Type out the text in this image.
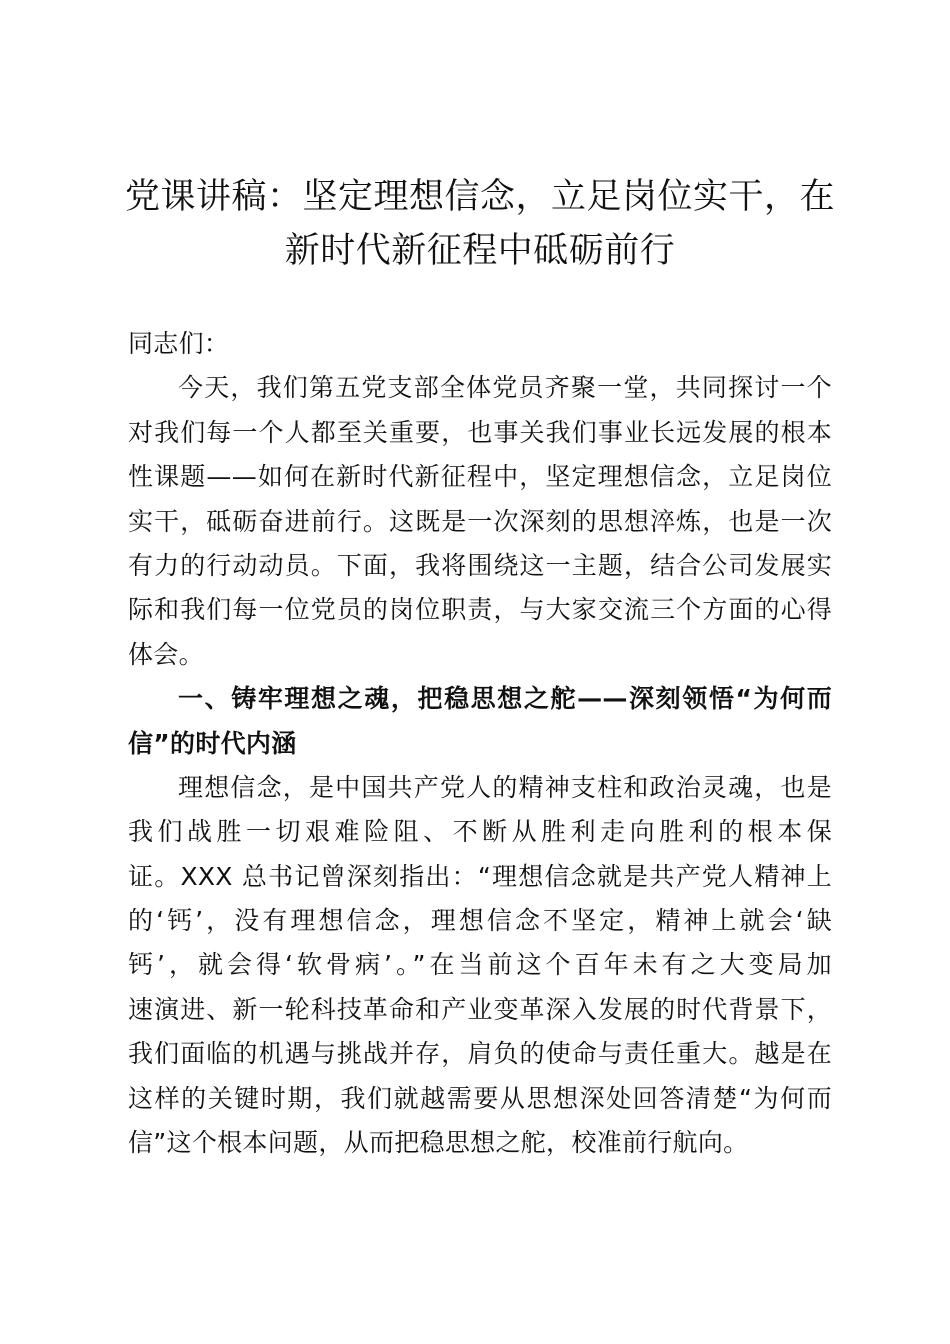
党课讲稿：坚定理想信念，立足岗位实干，在
新时代新征程中砥砺前行
同志们：
今天，我们第五党支部全体党员齐聚一堂，共同探讨一个
对我们每一个人都至关重要，也事关我们事业长远发展的根本
性课题——如何在新时代新征程中，坚定理想信念，立足岗位
实干，砥砺奋进前行。这既是一次深刻的思想淬炼，也是一次
有力的行动动员。下面，我将围绕这一主题，结合公司发展实
际和我们每一位党员的岗位职责，与大家交流三个方面的心得
体会。
一、铸牢理想之魂，把稳思想之舵——深刻领悟“为何而
信”的时代内涵
理想信念，是中国共产党人的精神支柱和政治灵魂，也是
我们战胜一切艰难险阻、不断从胜利走向胜利的根本保
证。XXX 总书记曾深刻指出：“理想信念就是共产党人精神上
的‘钙’，没有理想信念，理想信念不坚定，精神上就会‘缺
钙’，就会得‘软骨病’。”在当前这个百年未有之大变局加
速演进、新一轮科技革命和产业变革深入发展的时代背景下，
我们面临的机遇与挑战并存，肩负的使命与责任重大。越是在
这样的关键时期，我们就越需要从思想深处回答清楚“为何而
信”这个根本问题，从而把稳思想之舵，校准前行航向。
